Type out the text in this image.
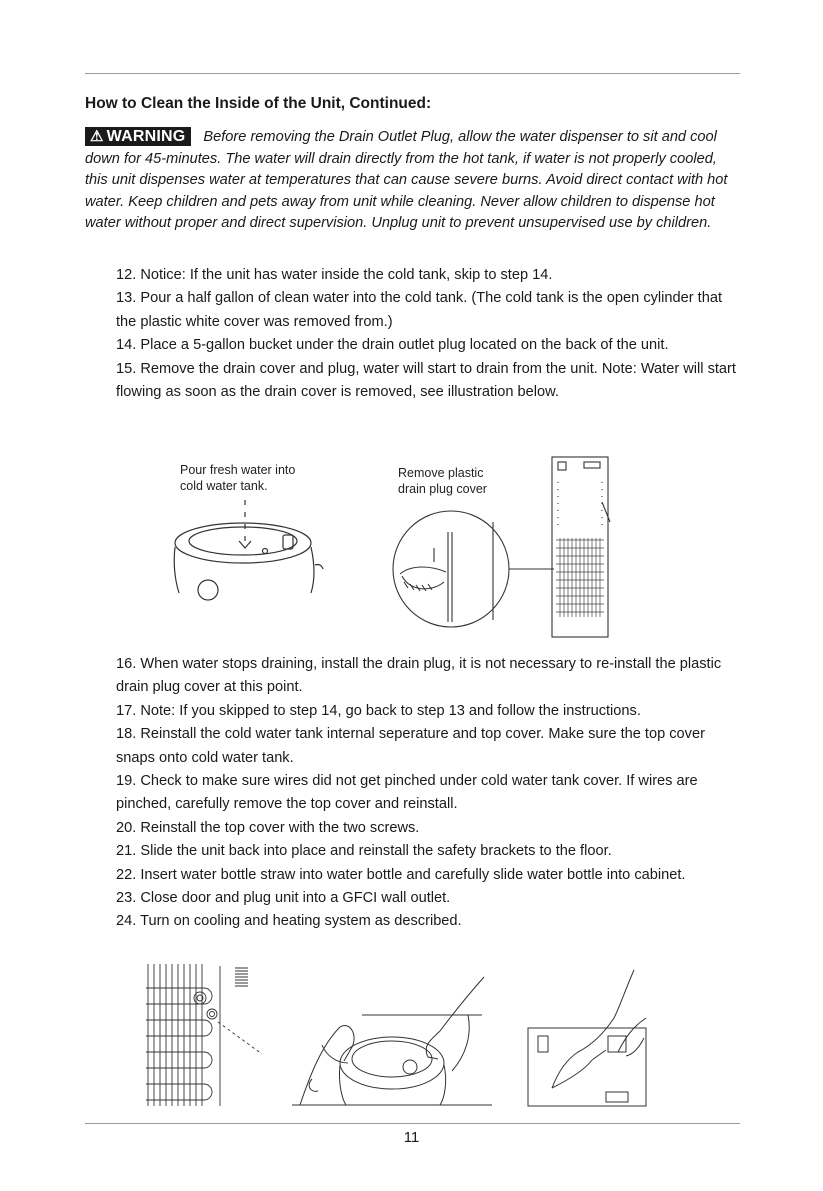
How to Clean the Inside of the Unit, Continued:
⚠ WARNING Before removing the Drain Outlet Plug, allow the water dispenser to sit and cool down for 45-minutes. The water will drain directly from the hot tank, if water is not properly cooled, this unit dispenses water at temperatures that can cause severe burns. Avoid direct contact with hot water. Keep children and pets away from unit while cleaning. Never allow children to dispense hot water without proper and direct supervision. Unplug unit to prevent unsupervised use by children.

12. Notice: If the unit has water inside the cold tank, skip to step 14.

13. Pour a half gallon of clean water into the cold tank. (The cold tank is the open cylinder that the plastic white cover was removed from.)

14. Place a 5-gallon bucket under the drain outlet plug located on the back of the unit.

15. Remove the drain cover and plug, water will start to drain from the unit. Note: Water will start flowing as soon as the drain cover is removed, see illustration below.

Pour fresh water into
cold water tank.
Remove plastic
drain plug cover

16. When water stops draining, install the drain plug, it is not necessary to re-install the plastic drain plug cover at this point.

17. Note: If you skipped to step 14, go back to step 13 and follow the instructions.

18. Reinstall the cold water tank internal seperature and top cover. Make sure the top cover snaps onto cold water tank.

19. Check to make sure wires did not get pinched under cold water tank cover. If wires are pinched, carefully remove the top cover and reinstall.

20. Reinstall the top cover with the two screws.

21. Slide the unit back into place and reinstall the safety brackets to the floor.

22. Insert water bottle straw into water bottle and carefully slide water bottle into cabinet.

23. Close door and plug unit into a GFCI wall outlet.

24. Turn on cooling and heating system as described.

11
